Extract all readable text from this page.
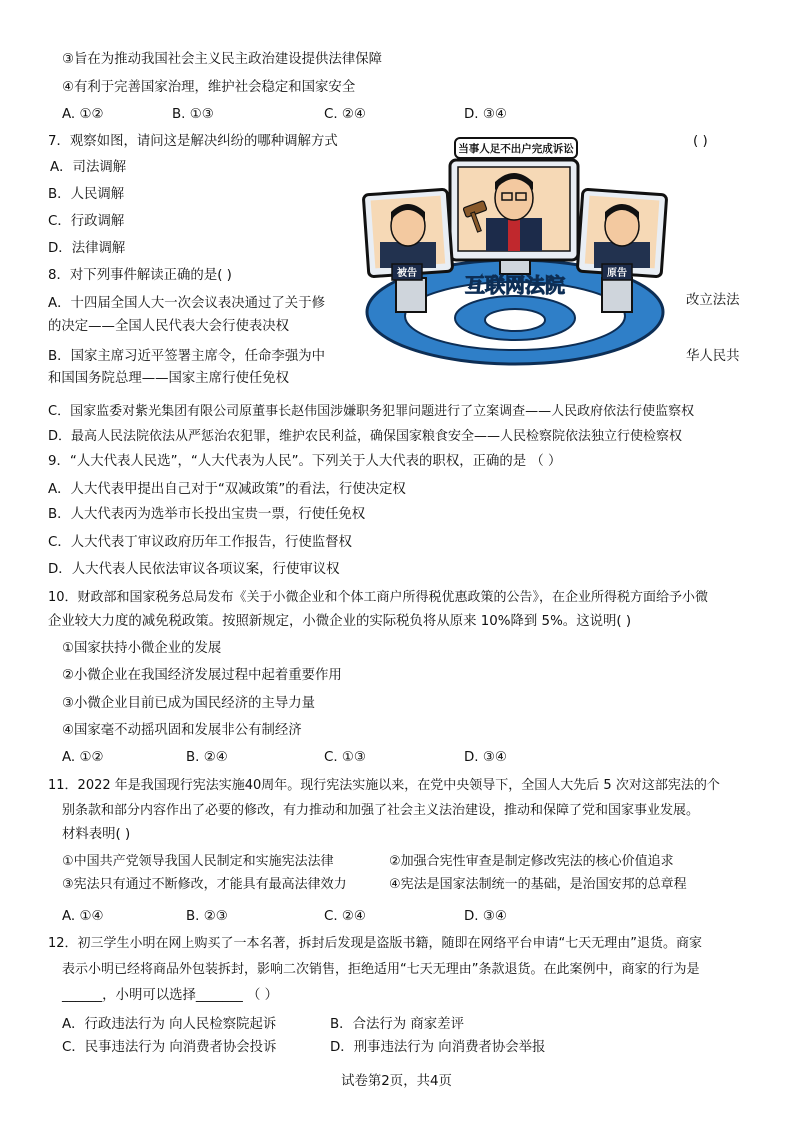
③旨在为推动我国社会主义民主政治建设提供法律保障
④有利于完善国家治理，维护社会稳定和国家安全
A. ①②	B. ①③	C. ②④	D. ③④
7．观察如图，请问这是解决纠纷的哪种调解方式	( )
A．司法调解
B．人民调解
C．行政调解
D．法律调解
当事人足不出户完成诉讼
被告	原告
互联网法院
8．对下列事件解读正确的是( )
A．十四届全国人大一次会议表决通过了关于修	改立法法
的决定——全国人民代表大会行使表决权
B．国家主席习近平签署主席令，任命李强为中	华人民共
和国国务院总理——国家主席行使任免权
C．国家监委对紫光集团有限公司原董事长赵伟国涉嫌职务犯罪问题进行了立案调查——人民政府依法行使监察权
D．最高人民法院依法从严惩治农犯罪，维护农民利益，确保国家粮食安全——人民检察院依法独立行使检察权
9．“人大代表人民选”，“人大代表为人民”。下列关于人大代表的职权，正确的是 （ ）
A．人大代表甲提出自己对于“双减政策”的看法，行使决定权
B．人大代表丙为选举市长投出宝贵一票，行使任免权
C．人大代表丁审议政府历年工作报告，行使监督权
D．人大代表人民依法审议各项议案，行使审议权
10．财政部和国家税务总局发布《关于小微企业和个体工商户所得税优惠政策的公告》，在企业所得税方面给予小微
企业较大力度的减免税政策。按照新规定，小微企业的实际税负将从原来 10%降到 5%。这说明( )
①国家扶持小微企业的发展
②小微企业在我国经济发展过程中起着重要作用
③小微企业目前已成为国民经济的主导力量
④国家毫不动摇巩固和发展非公有制经济
A. ①②	B. ②④	C. ①③	D. ③④
11．2022 年是我国现行宪法实施40周年。现行宪法实施以来，在党中央领导下，全国人大先后 5 次对这部宪法的个
别条款和部分内容作出了必要的修改，有力推动和加强了社会主义法治建设，推动和保障了党和国家事业发展。
材料表明( )
①中国共产党领导我国人民制定和实施宪法法律	②加强合宪性审查是制定修改宪法的核心价值追求
③宪法只有通过不断修改，才能具有最高法律效力	④宪法是国家法制统一的基础，是治国安邦的总章程
A. ①④	B. ②③	C. ②④	D. ③④
12．初三学生小明在网上购买了一本名著，拆封后发现是盗版书籍，随即在网络平台申请“七天无理由”退货。商家
表示小明已经将商品外包装拆封，影响二次销售，拒绝适用“七天无理由”条款退货。在此案例中，商家的行为是
______，小明可以选择_______ （ ）
A．行政违法行为 向人民检察院起诉	B．合法行为 商家差评
C．民事违法行为 向消费者协会投诉	D．刑事违法行为 向消费者协会举报
试卷第2页，共4页
